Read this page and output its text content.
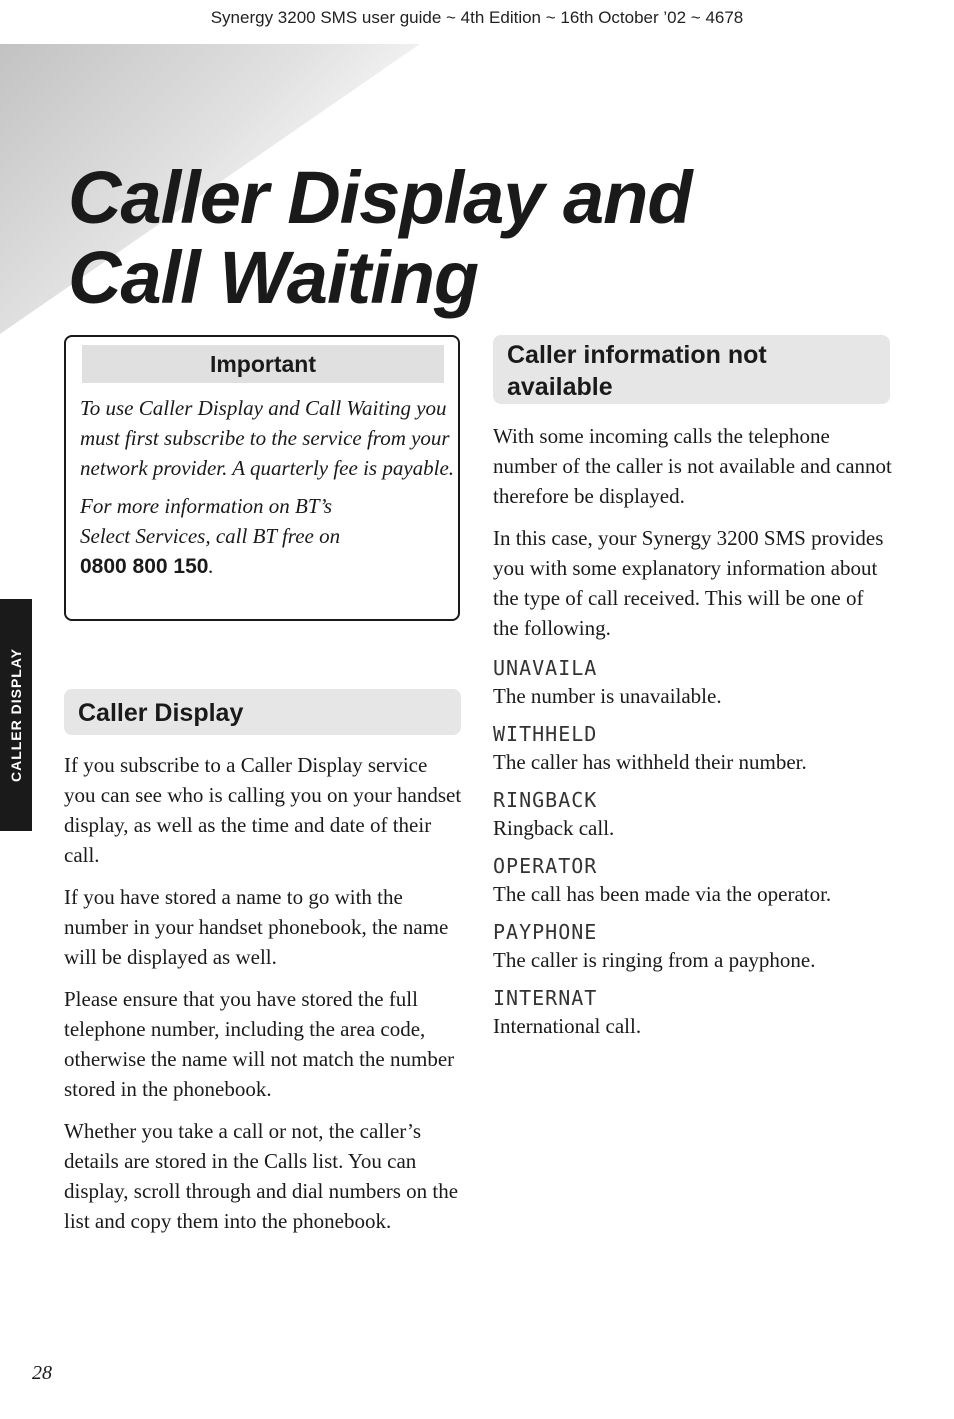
Synergy 3200 SMS user guide ~ 4th Edition ~ 16th October ’02 ~ 4678
Caller Display and
Call Waiting
CALLER DISPLAY
Important

To use Caller Display and Call Waiting you must first subscribe to the service from your network provider. A quarterly fee is payable.

For more information on BT’s
Select Services, call BT free on
0800 800 150.

Caller Display

If you subscribe to a Caller Display service you can see who is calling you on your handset display, as well as the time and date of their call.

If you have stored a name to go with the number in your handset phonebook, the name will be displayed as well.

Please ensure that you have stored the full telephone number, including the area code, otherwise the name will not match the number stored in the phonebook.

Whether you take a call or not, the caller’s details are stored in the Calls list. You can display, scroll through and dial numbers on the list and copy them into the phonebook.

Caller information not
available

With some incoming calls the telephone number of the caller is not available and cannot therefore be displayed.

In this case, your Synergy 3200 SMS provides you with some explanatory information about the type of call received. This will be one of the following.

UNAVAILA
The number is unavailable.
WITHHELD
The caller has withheld their number.
RINGBACK
Ringback call.
OPERATOR
The call has been made via the operator.
PAYPHONE
The caller is ringing from a payphone.
INTERNAT
International call.
28
